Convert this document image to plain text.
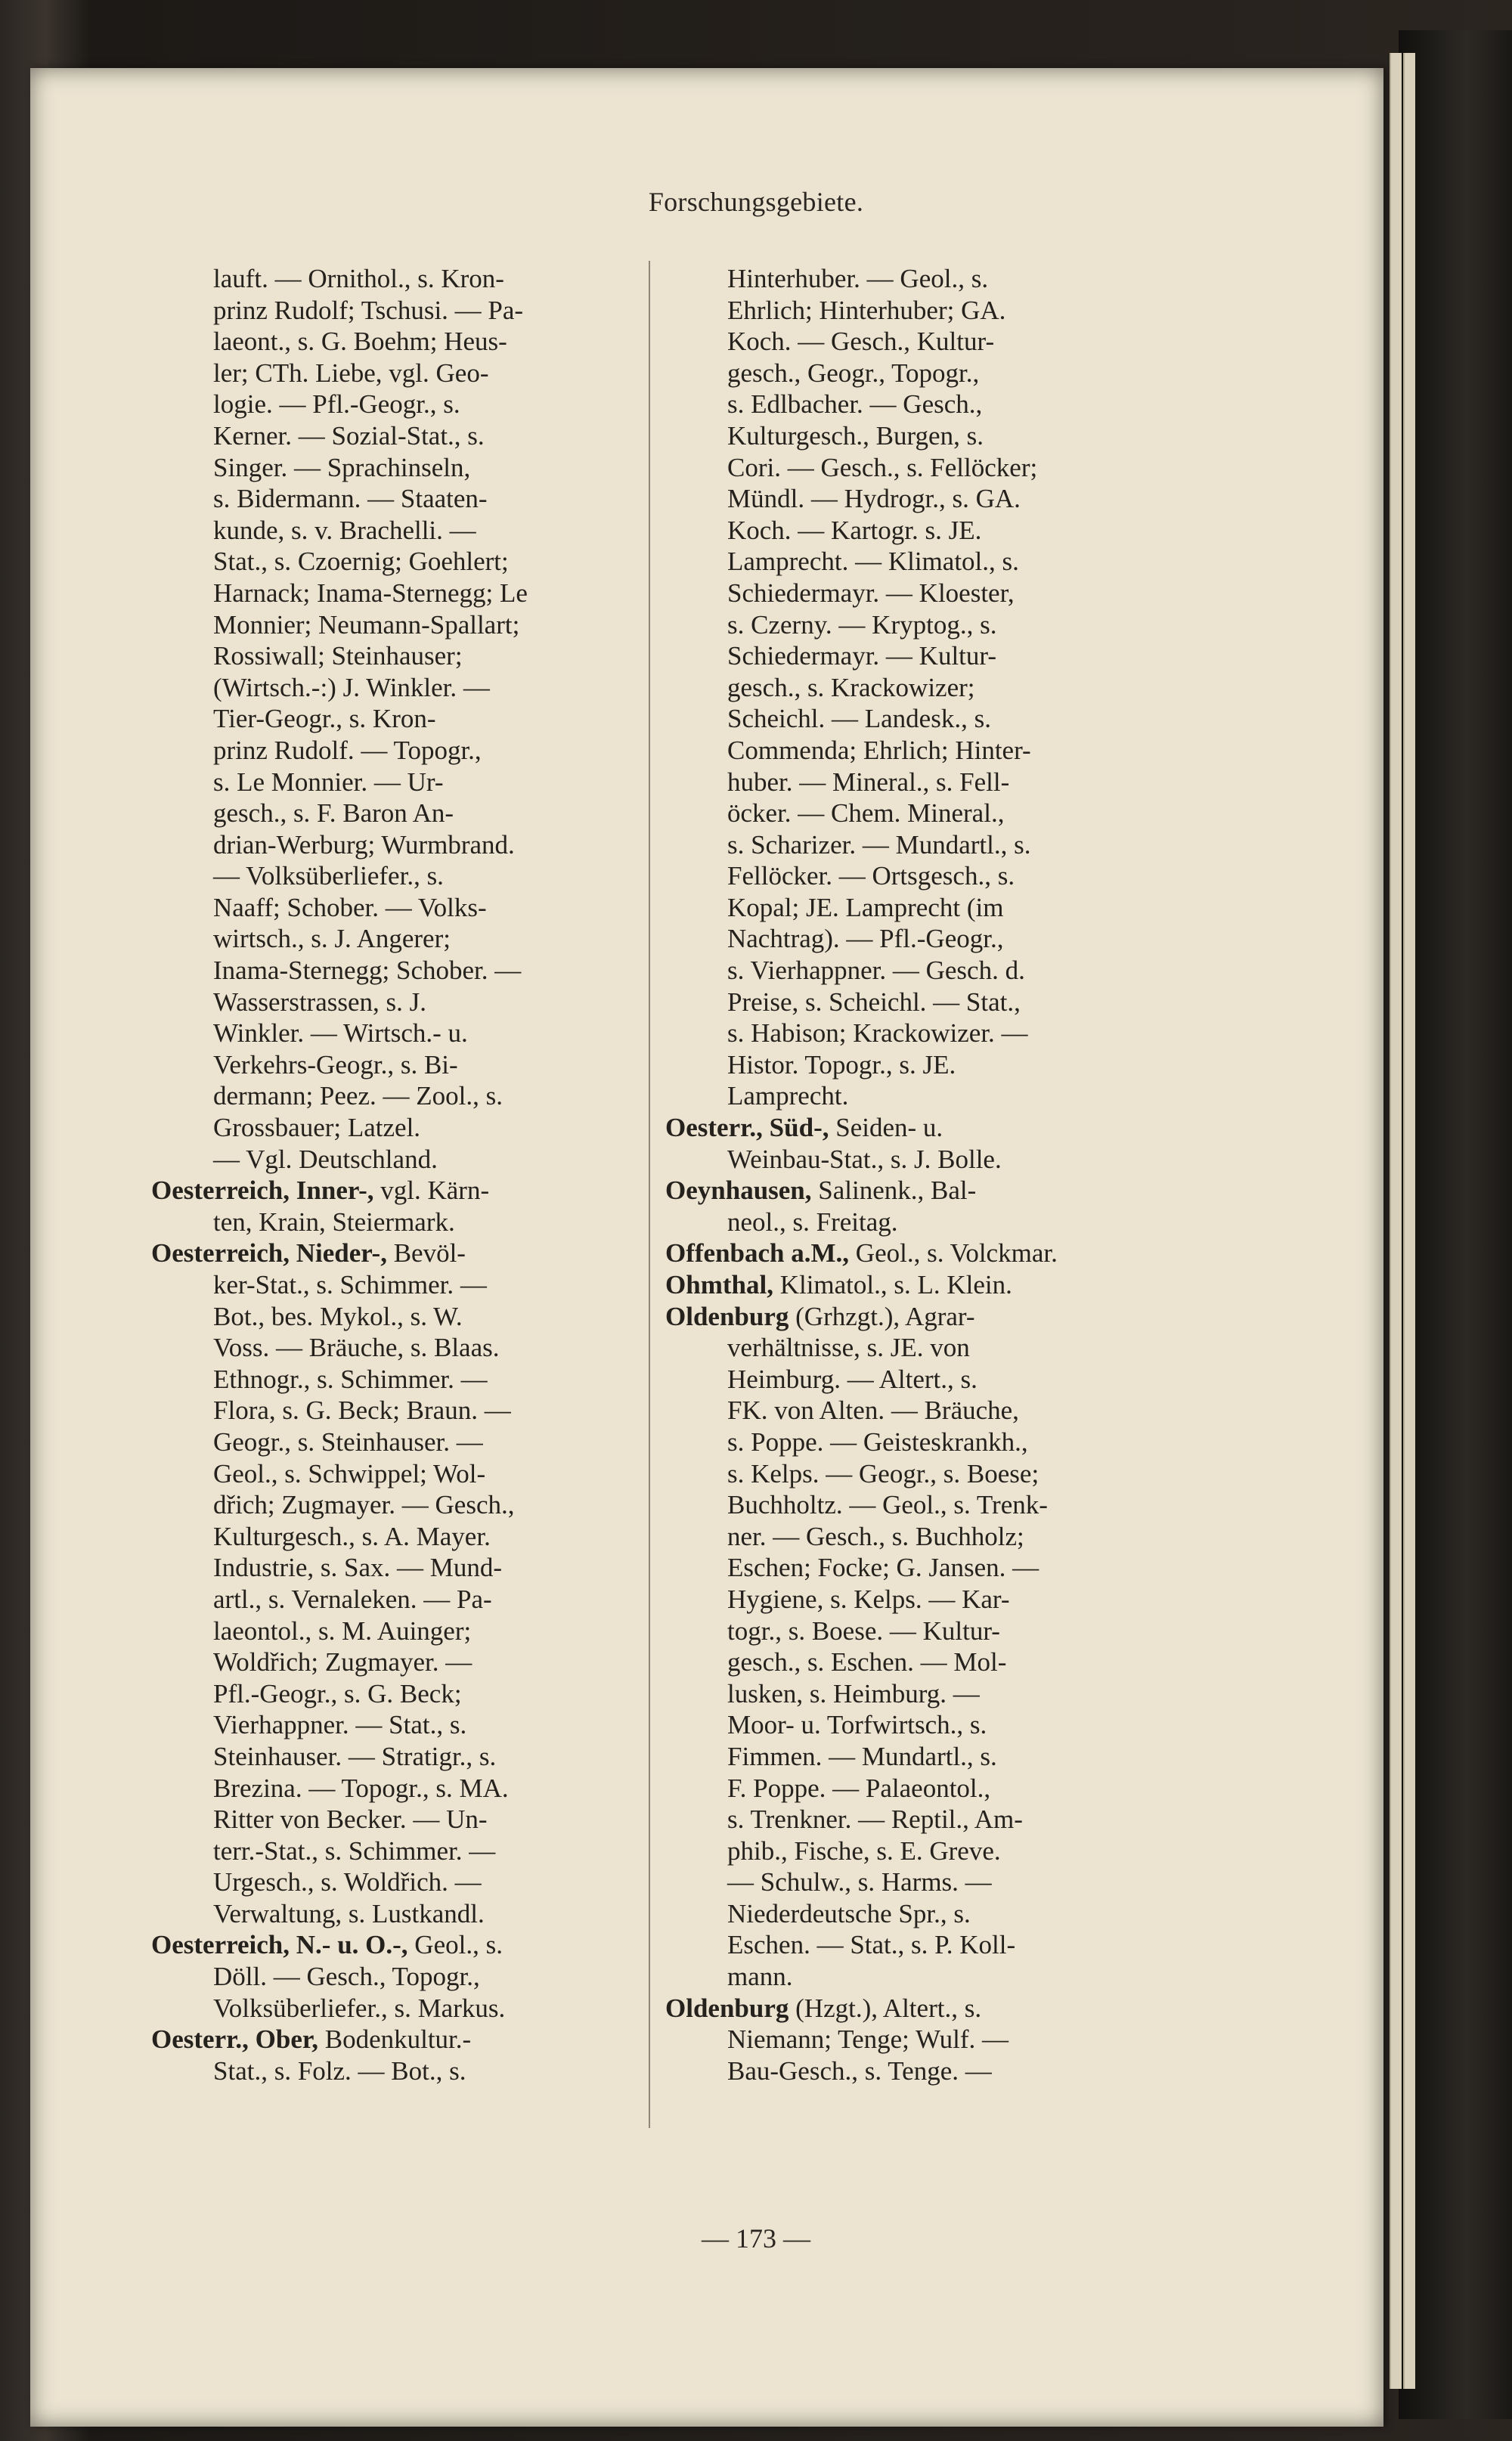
Forschungsgebiete.
lauft. — Ornithol., s. Kron-
prinz Rudolf; Tschusi. — Pa-
laeont., s. G. Boehm; Heus-
ler; CTh. Liebe, vgl. Geo-
logie. — Pfl.-Geogr., s.
Kerner. — Sozial-Stat., s.
Singer. — Sprachinseln,
s. Bidermann. — Staaten-
kunde, s. v. Brachelli. —
Stat., s. Czoernig; Goehlert;
Harnack; Inama-Sternegg; Le
Monnier; Neumann-Spallart;
Rossiwall; Steinhauser;
(Wirtsch.-:) J. Winkler. —
Tier-Geogr., s. Kron-
prinz Rudolf. — Topogr.,
s. Le Monnier. — Ur-
gesch., s. F. Baron An-
drian-Werburg; Wurmbrand.
— Volksüberliefer., s.
Naaff; Schober. — Volks-
wirtsch., s. J. Angerer;
Inama-Sternegg; Schober. —
Wasserstrassen, s. J.
Winkler. — Wirtsch.- u.
Verkehrs-Geogr., s. Bi-
dermann; Peez. — Zool., s.
Grossbauer; Latzel.
— Vgl. Deutschland.
Oesterreich, Inner-, vgl. Kärn-
ten, Krain, Steiermark.
Oesterreich, Nieder-, Bevöl-
ker-Stat., s. Schimmer. —
Bot., bes. Mykol., s. W.
Voss. — Bräuche, s. Blaas.
Ethnogr., s. Schimmer. —
Flora, s. G. Beck; Braun. —
Geogr., s. Steinhauser. —
Geol., s. Schwippel; Wol-
dřich; Zugmayer. — Gesch.,
Kulturgesch., s. A. Mayer.
Industrie, s. Sax. — Mund-
artl., s. Vernaleken. — Pa-
laeontol., s. M. Auinger;
Woldřich; Zugmayer. —
Pfl.-Geogr., s. G. Beck;
Vierhappner. — Stat., s.
Steinhauser. — Stratigr., s.
Brezina. — Topogr., s. MA.
Ritter von Becker. — Un-
terr.-Stat., s. Schimmer. —
Urgesch., s. Woldřich. —
Verwaltung, s. Lustkandl.
Oesterreich, N.- u. O.-, Geol., s.
Döll. — Gesch., Topogr.,
Volksüberliefer., s. Markus.
Oesterr., Ober, Bodenkultur.-
Stat., s. Folz. — Bot., s.
Hinterhuber. — Geol., s.
Ehrlich; Hinterhuber; GA.
Koch. — Gesch., Kultur-
gesch., Geogr., Topogr.,
s. Edlbacher. — Gesch.,
Kulturgesch., Burgen, s.
Cori. — Gesch., s. Fellöcker;
Mündl. — Hydrogr., s. GA.
Koch. — Kartogr. s. JE.
Lamprecht. — Klimatol., s.
Schiedermayr. — Kloester,
s. Czerny. — Kryptog., s.
Schiedermayr. — Kultur-
gesch., s. Krackowizer;
Scheichl. — Landesk., s.
Commenda; Ehrlich; Hinter-
huber. — Mineral., s. Fell-
öcker. — Chem. Mineral.,
s. Scharizer. — Mundartl., s.
Fellöcker. — Ortsgesch., s.
Kopal; JE. Lamprecht (im
Nachtrag). — Pfl.-Geogr.,
s. Vierhappner. — Gesch. d.
Preise, s. Scheichl. — Stat.,
s. Habison; Krackowizer. —
Histor. Topogr., s. JE.
Lamprecht.
Oesterr., Süd-, Seiden- u.
Weinbau-Stat., s. J. Bolle.
Oeynhausen, Salinenk., Bal-
neol., s. Freitag.
Offenbach a.M., Geol., s. Volckmar.
Ohmthal, Klimatol., s. L. Klein.
Oldenburg (Grhzgt.), Agrar-
verhältnisse, s. JE. von
Heimburg. — Altert., s.
FK. von Alten. — Bräuche,
s. Poppe. — Geisteskrankh.,
s. Kelps. — Geogr., s. Boese;
Buchholtz. — Geol., s. Trenk-
ner. — Gesch., s. Buchholz;
Eschen; Focke; G. Jansen. —
Hygiene, s. Kelps. — Kar-
togr., s. Boese. — Kultur-
gesch., s. Eschen. — Mol-
lusken, s. Heimburg. —
Moor- u. Torfwirtsch., s.
Fimmen. — Mundartl., s.
F. Poppe. — Palaeontol.,
s. Trenkner. — Reptil., Am-
phib., Fische, s. E. Greve.
— Schulw., s. Harms. —
Niederdeutsche Spr., s.
Eschen. — Stat., s. P. Koll-
mann.
Oldenburg (Hzgt.), Altert., s.
Niemann; Tenge; Wulf. —
Bau-Gesch., s. Tenge. —
— 173 —
